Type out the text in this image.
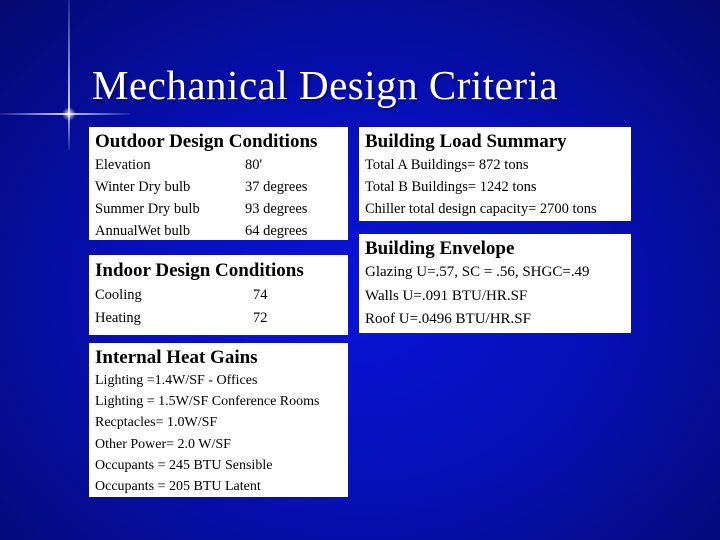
Mechanical Design Criteria
Outdoor Design Conditions
Elevation	80'
Winter Dry bulb	37 degrees
Summer Dry bulb	93 degrees
AnnualWet bulb	64 degrees
Indoor Design Conditions
Cooling	74
Heating	72
Internal Heat Gains
Lighting =1.4W/SF - Offices
Lighting = 1.5W/SF Conference Rooms
Recptacles= 1.0W/SF
Other Power= 2.0 W/SF
Occupants = 245 BTU Sensible
Occupants = 205 BTU Latent
Building Load Summary
Total A Buildings= 872 tons
Total B Buildings= 1242 tons
Chiller total design capacity= 2700 tons
Building Envelope
Glazing U=.57, SC = .56, SHGC=.49
Walls U=.091 BTU/HR.SF
Roof U=.0496 BTU/HR.SF
